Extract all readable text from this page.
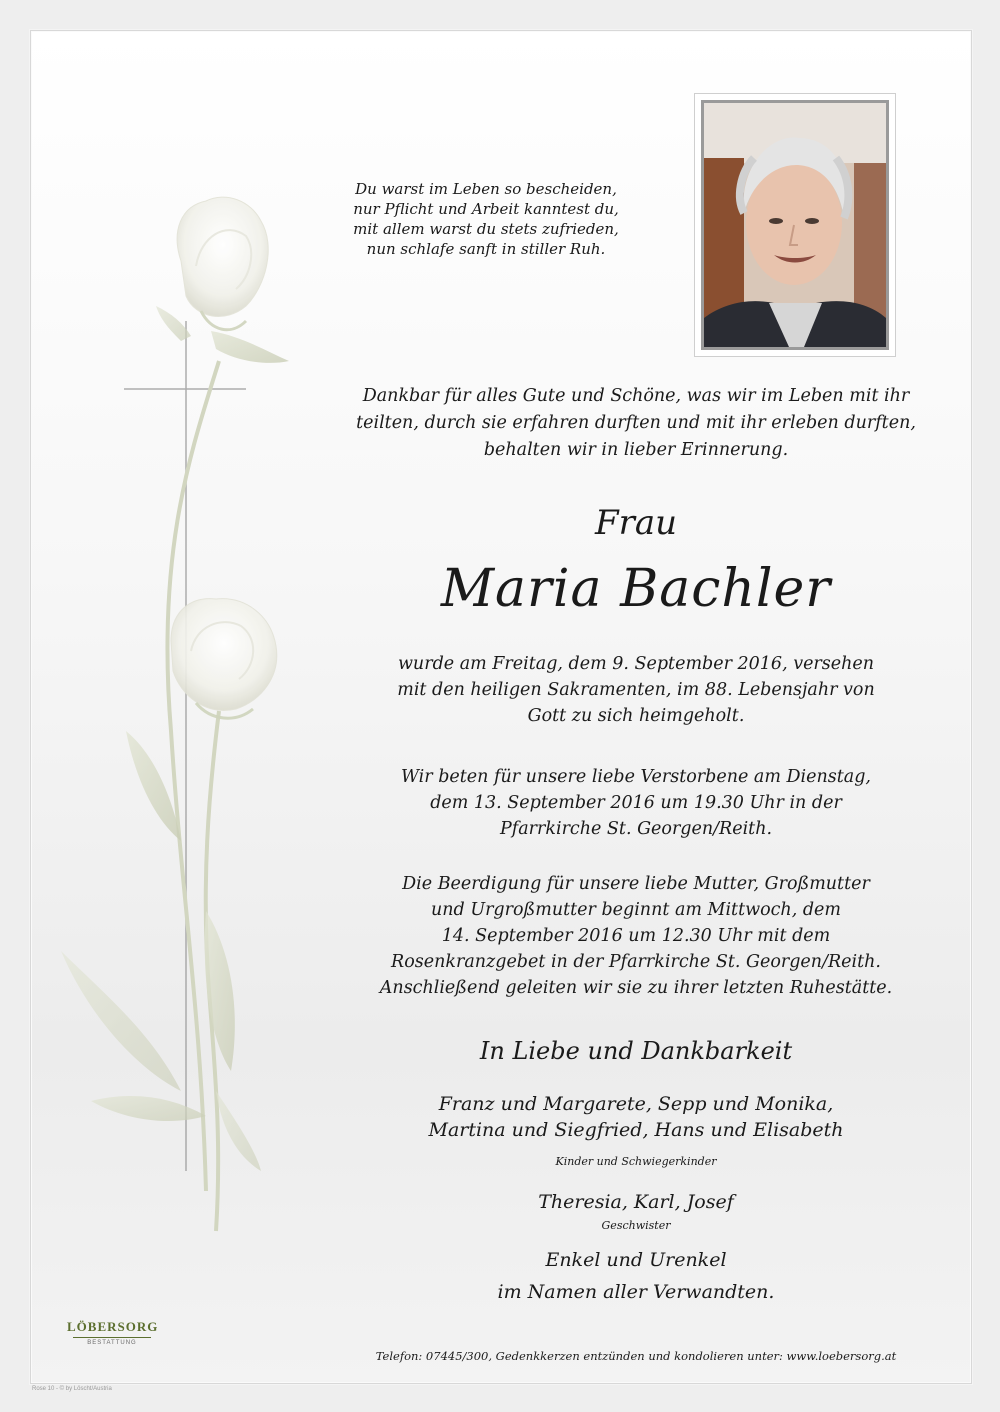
Du warst im Leben so bescheiden,
nur Pflicht und Arbeit kanntest du,
mit allem warst du stets zufrieden,
nun schlafe sanft in stiller Ruh.
Dankbar für alles Gute und Schöne, was wir im Leben mit ihr
teilten, durch sie erfahren durften und mit ihr erleben durften,
behalten wir in lieber Erinnerung.
Frau
Maria Bachler
wurde am Freitag, dem 9. September 2016, versehen
mit den heiligen Sakramenten, im 88. Lebensjahr von
Gott zu sich heimgeholt.
Wir beten für unsere liebe Verstorbene am Dienstag,
dem 13. September 2016 um 19.30 Uhr in der
Pfarrkirche St. Georgen/Reith.
Die Beerdigung für unsere liebe Mutter, Großmutter
und Urgroßmutter beginnt am Mittwoch, dem
14. September 2016 um 12.30 Uhr mit dem
Rosenkranzgebet in der Pfarrkirche St. Georgen/Reith.
Anschließend geleiten wir sie zu ihrer letzten Ruhestätte.
In Liebe und Dankbarkeit
Franz und Margarete, Sepp und Monika,
Martina und Siegfried, Hans und Elisabeth
Kinder und Schwiegerkinder
Theresia, Karl, Josef
Geschwister
Enkel und Urenkel
im Namen aller Verwandten.
LÖBERSORG
BESTATTUNG
Telefon: 07445/300, Gedenkkerzen entzünden und kondolieren unter: www.loebersorg.at
Rose 10 - © by Löscht/Austria
